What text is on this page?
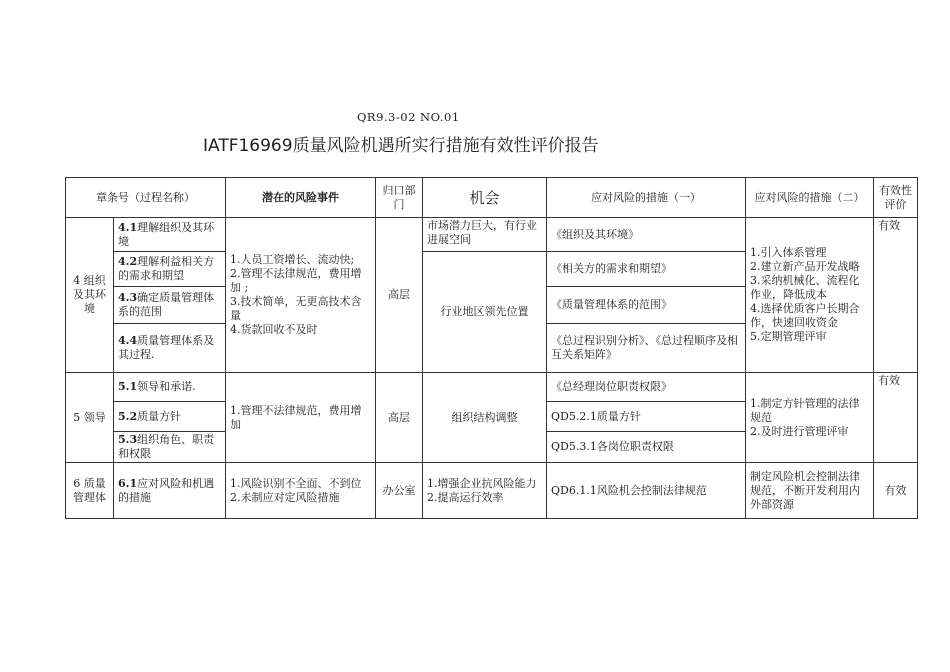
QR9.3-02 NO.01
IATF16969质量风险机遇所实行措施有效性评价报告
章条号（过程名称）		潜在的风险事件	归口部门	机会	应对风险的措施（一）	应对风险的措施（二）	有效性评价
4 组织及其环境	4.1理解组织及其环境	1.人员工资增长、流动快;
2.管理不法律规范，费用增加 ;
3.技术简单，无更高技术含量
4.货款回收不及时	高层	市场潜力巨大，有行业进展空间	《组织及其环境》	1.引入体系管理
2.建立新产品开发战略
3.采纳机械化、流程化作业，降低成本
4.选择优质客户长期合作，快速回收资金
5.定期管理评审	有效
	4.2理解利益相关方的需求和期望			行业地区领先位置	《相关方的需求和期望》		
	4.3确定质量管理体系的范围				《质量管理体系的范围》		
	4.4质量管理体系及其过程.				《总过程识别分析》、《总过程顺序及相互关系矩阵》		
5 领导	5.1领导和承诺.	1.管理不法律规范，费用增加	高层	组织结构调整	《总经理岗位职责权限》	1.制定方针管理的法律规范
2.及时进行管理评审	有效
	5.2质量方针				QD5.2.1质量方针		
	5.3组织角色、职责和权限				QD5.3.1各岗位职责权限		
6 质量管理体	6.1应对风险和机遇的措施	1.风险识别不全面、不到位
2.未制应对定风险措施	办公室	1.增强企业抗风险能力
2.提高运行效率	QD6.1.1风险机会控制法律规范	制定风险机会控制法律规范，不断开发利用内外部资源	有效
